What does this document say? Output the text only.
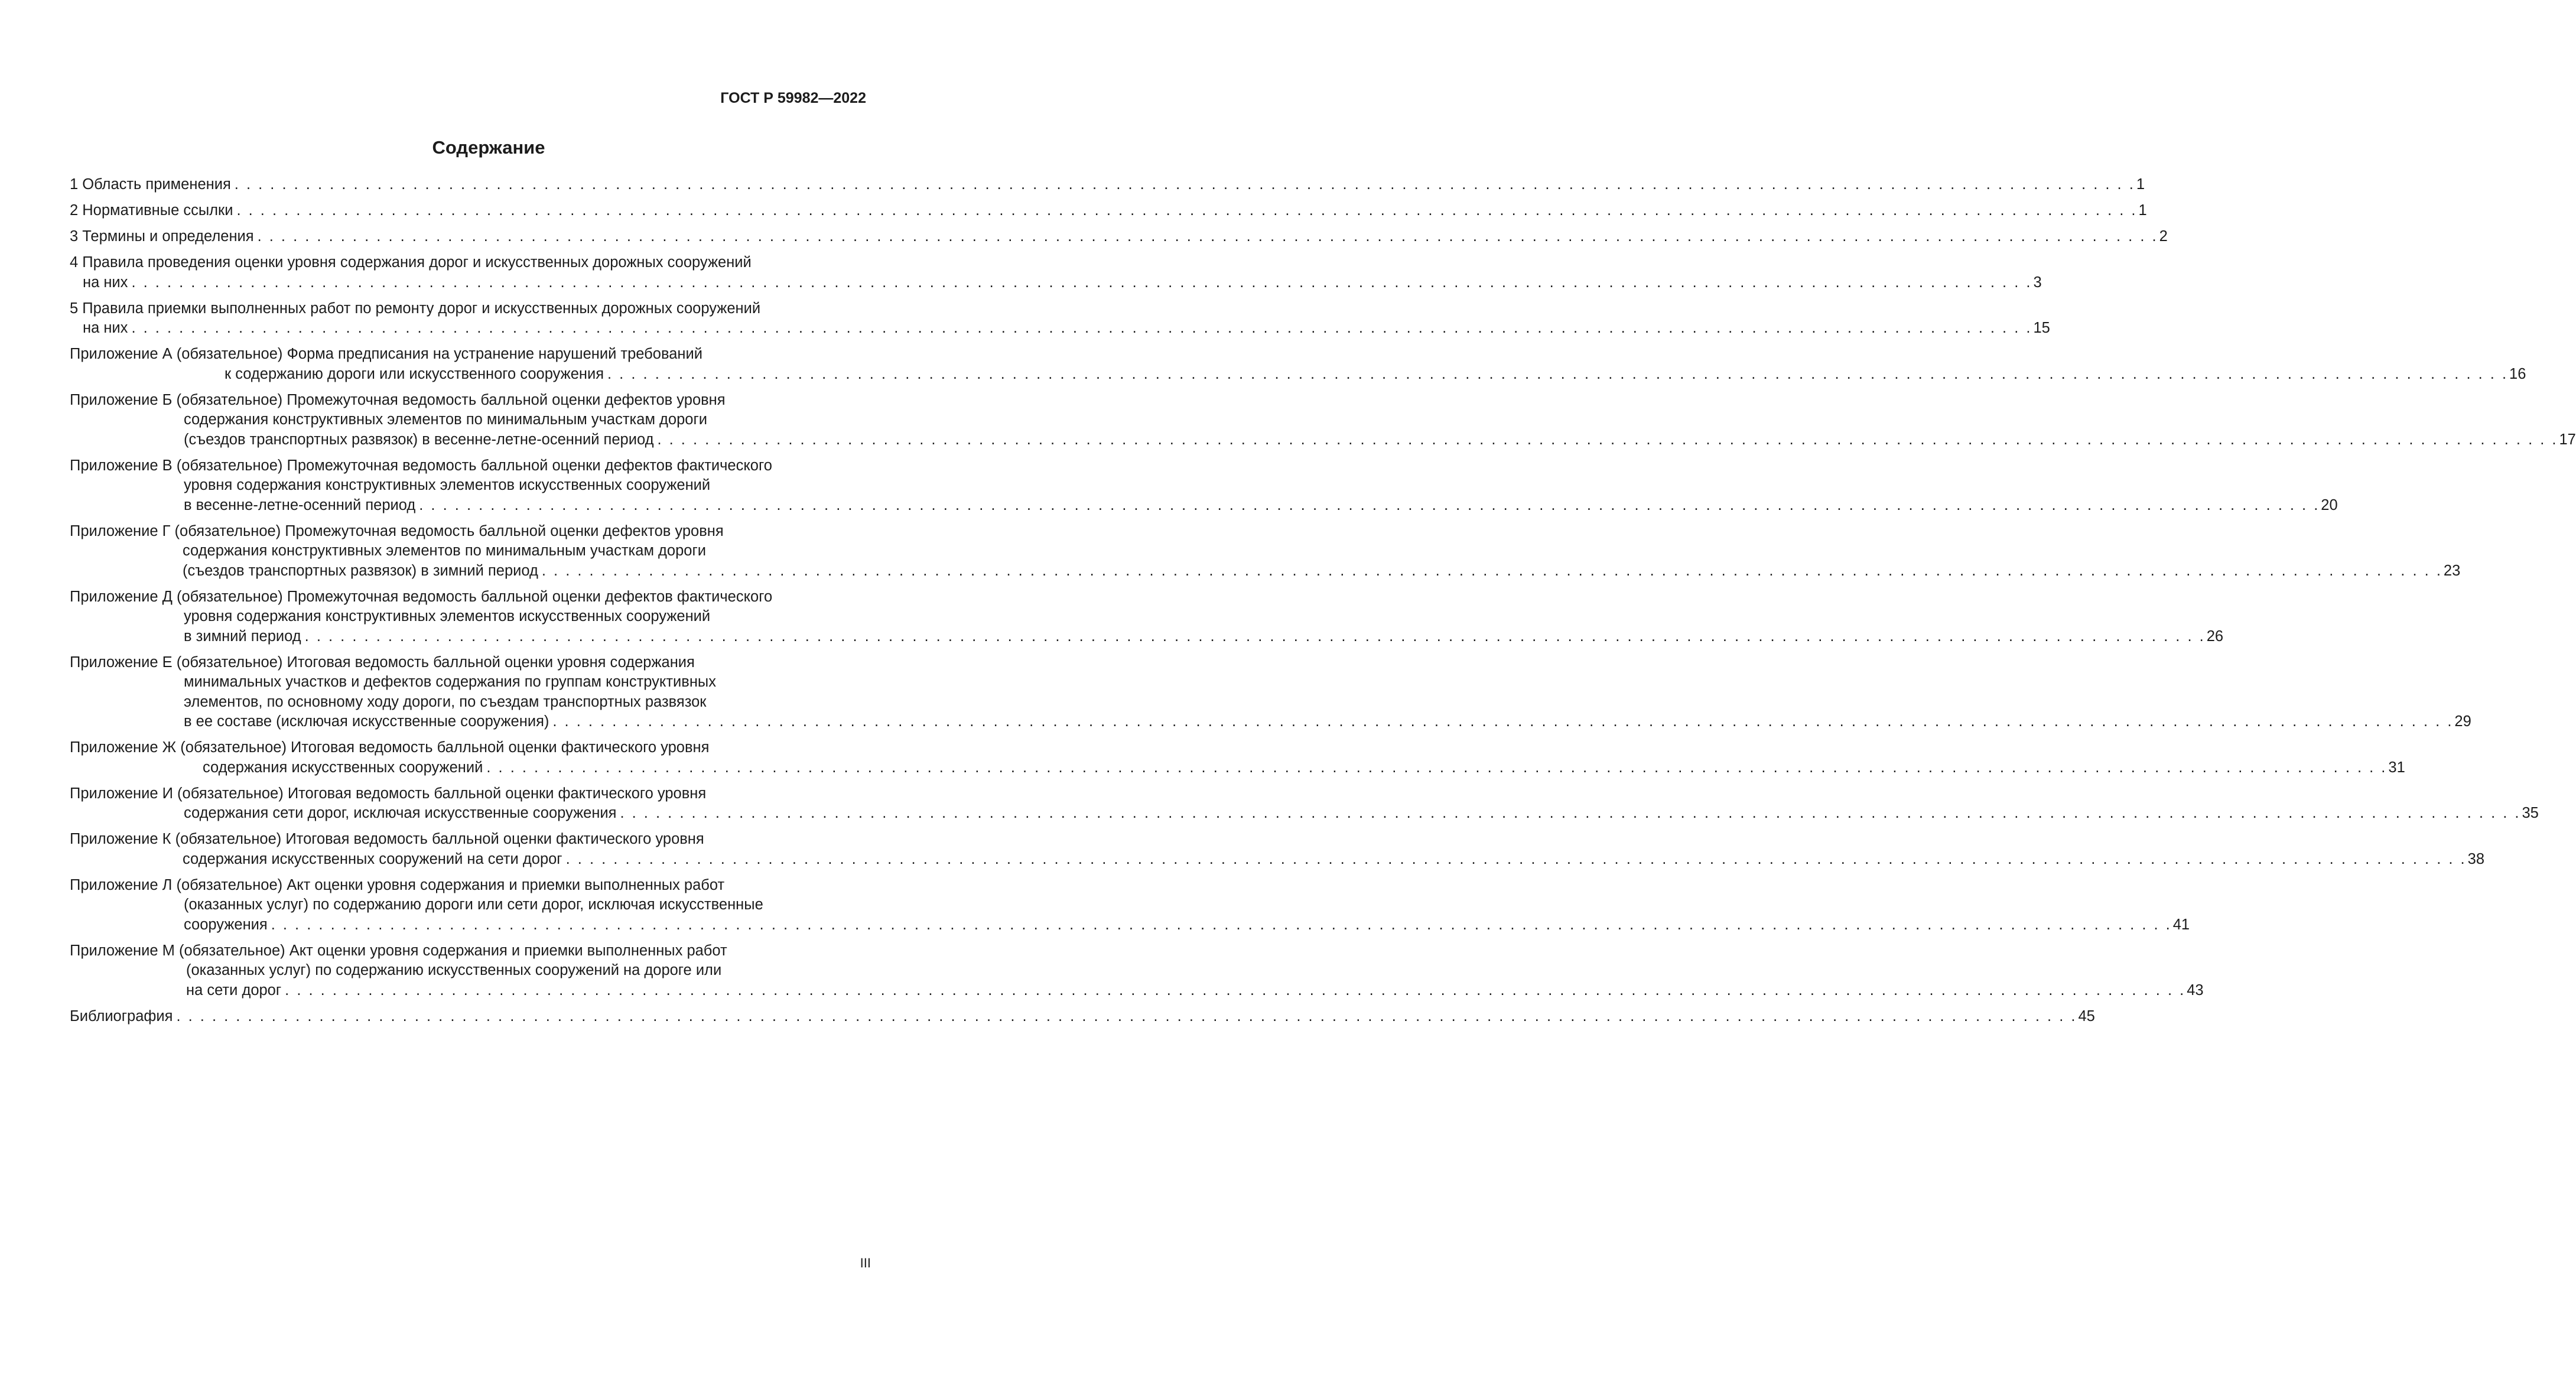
ГОСТ Р 59982—2022
Содержание
1 Область применения . . . . . . . . . . . . . . . . . . . . . . . . . . . . . . . . . . . . . . . . . . . . . . . . . . . . . . . . . . . . . . . . . . . . . . . . . . . . . . . . . . . . . . . . . . . . . . . . . . . . . . . . . . . . . . . . . . . . . . . . . . . . . . . . . . . . . . . . . . . . . . . . . . . . . . . . . . . . . . . . 1
2 Нормативные ссылки . . . . . . . . . . . . . . . . . . . . . . . . . . . . . . . . . . . . . . . . . . . . . . . . . . . . . . . . . . . . . . . . . . . . . . . . . . . . . . . . . . . . . . . . . . . . . . . . . . . . . . . . . . . . . . . . . . . . . . . . . . . . . . . . . . . . . . . . . . . . . . . . . . . . . . . . . . . . . . . . 1
3 Термины и определения . . . . . . . . . . . . . . . . . . . . . . . . . . . . . . . . . . . . . . . . . . . . . . . . . . . . . . . . . . . . . . . . . . . . . . . . . . . . . . . . . . . . . . . . . . . . . . . . . . . . . . . . . . . . . . . . . . . . . . . . . . . . . . . . . . . . . . . . . . . . . . . . . . . . . . . . . . . . . . . . 2
4 Правила проведения оценки уровня содержания дорог и искусственных дорожных сооружений
на них . . . . . . . . . . . . . . . . . . . . . . . . . . . . . . . . . . . . . . . . . . . . . . . . . . . . . . . . . . . . . . . . . . . . . . . . . . . . . . . . . . . . . . . . . . . . . . . . . . . . . . . . . . . . . . . . . . . . . . . . . . . . . . . . . . . . . . . . . . . . . . . . . . . . . . . . . . . . . . . . 3
5 Правила приемки выполненных работ по ремонту дорог и искусственных дорожных сооружений
на них . . . . . . . . . . . . . . . . . . . . . . . . . . . . . . . . . . . . . . . . . . . . . . . . . . . . . . . . . . . . . . . . . . . . . . . . . . . . . . . . . . . . . . . . . . . . . . . . . . . . . . . . . . . . . . . . . . . . . . . . . . . . . . . . . . . . . . . . . . . . . . . . . . . . . . . . . . . . . . . . 15
Приложение А (обязательное) Форма предписания на устранение нарушений требований
к содержанию дороги или искусственного сооружения . . . . . . . . . . . . . . . . . . . . . . . . . . . . . . . . . . . . . . . . . . . . . . . . . . . . . . . . . . . . . . . . . . . . . . . . . . . . . . . . . . . . . . . . . . . . . . . . . . . . . . . . . . . . . . . . . . . . . . . . . . . . . . . . . . . . . . . . . . . . . . . . . . . . . . . . . . . . . . . . 16
Приложение Б (обязательное) Промежуточная ведомость балльной оценки дефектов уровня
содержания конструктивных элементов по минимальным участкам дороги
(съездов транспортных развязок) в весенне-летне-осенний период . . . . . . . . . . . . . . . . . . . . . . . . . . . . . . . . . . . . . . . . . . . . . . . . . . . . . . . . . . . . . . . . . . . . . . . . . . . . . . . . . . . . . . . . . . . . . . . . . . . . . . . . . . . . . . . . . . . . . . . . . . . . . . . . . . . . . . . . . . . . . . . . . . . . . . . . . . . . . . . . 17
Приложение В (обязательное) Промежуточная ведомость балльной оценки дефектов фактического
уровня содержания конструктивных элементов искусственных сооружений
в весенне-летне-осенний период . . . . . . . . . . . . . . . . . . . . . . . . . . . . . . . . . . . . . . . . . . . . . . . . . . . . . . . . . . . . . . . . . . . . . . . . . . . . . . . . . . . . . . . . . . . . . . . . . . . . . . . . . . . . . . . . . . . . . . . . . . . . . . . . . . . . . . . . . . . . . . . . . . . . . . . . . . . . . . . . 20
Приложение Г (обязательное) Промежуточная ведомость балльной оценки дефектов уровня
содержания конструктивных элементов по минимальным участкам дороги
(съездов транспортных развязок) в зимний период . . . . . . . . . . . . . . . . . . . . . . . . . . . . . . . . . . . . . . . . . . . . . . . . . . . . . . . . . . . . . . . . . . . . . . . . . . . . . . . . . . . . . . . . . . . . . . . . . . . . . . . . . . . . . . . . . . . . . . . . . . . . . . . . . . . . . . . . . . . . . . . . . . . . . . . . . . . . . . . . 23
Приложение Д (обязательное) Промежуточная ведомость балльной оценки дефектов фактического
уровня содержания конструктивных элементов искусственных сооружений
в зимний период . . . . . . . . . . . . . . . . . . . . . . . . . . . . . . . . . . . . . . . . . . . . . . . . . . . . . . . . . . . . . . . . . . . . . . . . . . . . . . . . . . . . . . . . . . . . . . . . . . . . . . . . . . . . . . . . . . . . . . . . . . . . . . . . . . . . . . . . . . . . . . . . . . . . . . . . . . . . . . . . 26
Приложение Е (обязательное) Итоговая ведомость балльной оценки уровня содержания
минимальных участков и дефектов содержания по группам конструктивных
элементов, по основному ходу дороги, по съездам транспортных развязок
в ее составе (исключая искусственные сооружения) . . . . . . . . . . . . . . . . . . . . . . . . . . . . . . . . . . . . . . . . . . . . . . . . . . . . . . . . . . . . . . . . . . . . . . . . . . . . . . . . . . . . . . . . . . . . . . . . . . . . . . . . . . . . . . . . . . . . . . . . . . . . . . . . . . . . . . . . . . . . . . . . . . . . . . . . . . . . . . . . 29
Приложение Ж (обязательное) Итоговая ведомость балльной оценки фактического уровня
содержания искусственных сооружений . . . . . . . . . . . . . . . . . . . . . . . . . . . . . . . . . . . . . . . . . . . . . . . . . . . . . . . . . . . . . . . . . . . . . . . . . . . . . . . . . . . . . . . . . . . . . . . . . . . . . . . . . . . . . . . . . . . . . . . . . . . . . . . . . . . . . . . . . . . . . . . . . . . . . . . . . . . . . . . . 31
Приложение И (обязательное) Итоговая ведомость балльной оценки фактического уровня
содержания сети дорог, исключая искусственные сооружения . . . . . . . . . . . . . . . . . . . . . . . . . . . . . . . . . . . . . . . . . . . . . . . . . . . . . . . . . . . . . . . . . . . . . . . . . . . . . . . . . . . . . . . . . . . . . . . . . . . . . . . . . . . . . . . . . . . . . . . . . . . . . . . . . . . . . . . . . . . . . . . . . . . . . . . . . . . . . . . . 35
Приложение К (обязательное) Итоговая ведомость балльной оценки фактического уровня
содержания искусственных сооружений на сети дорог . . . . . . . . . . . . . . . . . . . . . . . . . . . . . . . . . . . . . . . . . . . . . . . . . . . . . . . . . . . . . . . . . . . . . . . . . . . . . . . . . . . . . . . . . . . . . . . . . . . . . . . . . . . . . . . . . . . . . . . . . . . . . . . . . . . . . . . . . . . . . . . . . . . . . . . . . . . . . . . . 38
Приложение Л (обязательное) Акт оценки уровня содержания и приемки выполненных работ
(оказанных услуг) по содержанию дороги или сети дорог, исключая искусственные
сооружения . . . . . . . . . . . . . . . . . . . . . . . . . . . . . . . . . . . . . . . . . . . . . . . . . . . . . . . . . . . . . . . . . . . . . . . . . . . . . . . . . . . . . . . . . . . . . . . . . . . . . . . . . . . . . . . . . . . . . . . . . . . . . . . . . . . . . . . . . . . . . . . . . . . . . . . . . . . . . . . . 41
Приложение М (обязательное) Акт оценки уровня содержания и приемки выполненных работ
(оказанных услуг) по содержанию искусственных сооружений на дороге или
на сети дорог . . . . . . . . . . . . . . . . . . . . . . . . . . . . . . . . . . . . . . . . . . . . . . . . . . . . . . . . . . . . . . . . . . . . . . . . . . . . . . . . . . . . . . . . . . . . . . . . . . . . . . . . . . . . . . . . . . . . . . . . . . . . . . . . . . . . . . . . . . . . . . . . . . . . . . . . . . . . . . . . 43
Библиография . . . . . . . . . . . . . . . . . . . . . . . . . . . . . . . . . . . . . . . . . . . . . . . . . . . . . . . . . . . . . . . . . . . . . . . . . . . . . . . . . . . . . . . . . . . . . . . . . . . . . . . . . . . . . . . . . . . . . . . . . . . . . . . . . . . . . . . . . . . . . . . . . . . . . . . . . . . . . . . . 45
III
